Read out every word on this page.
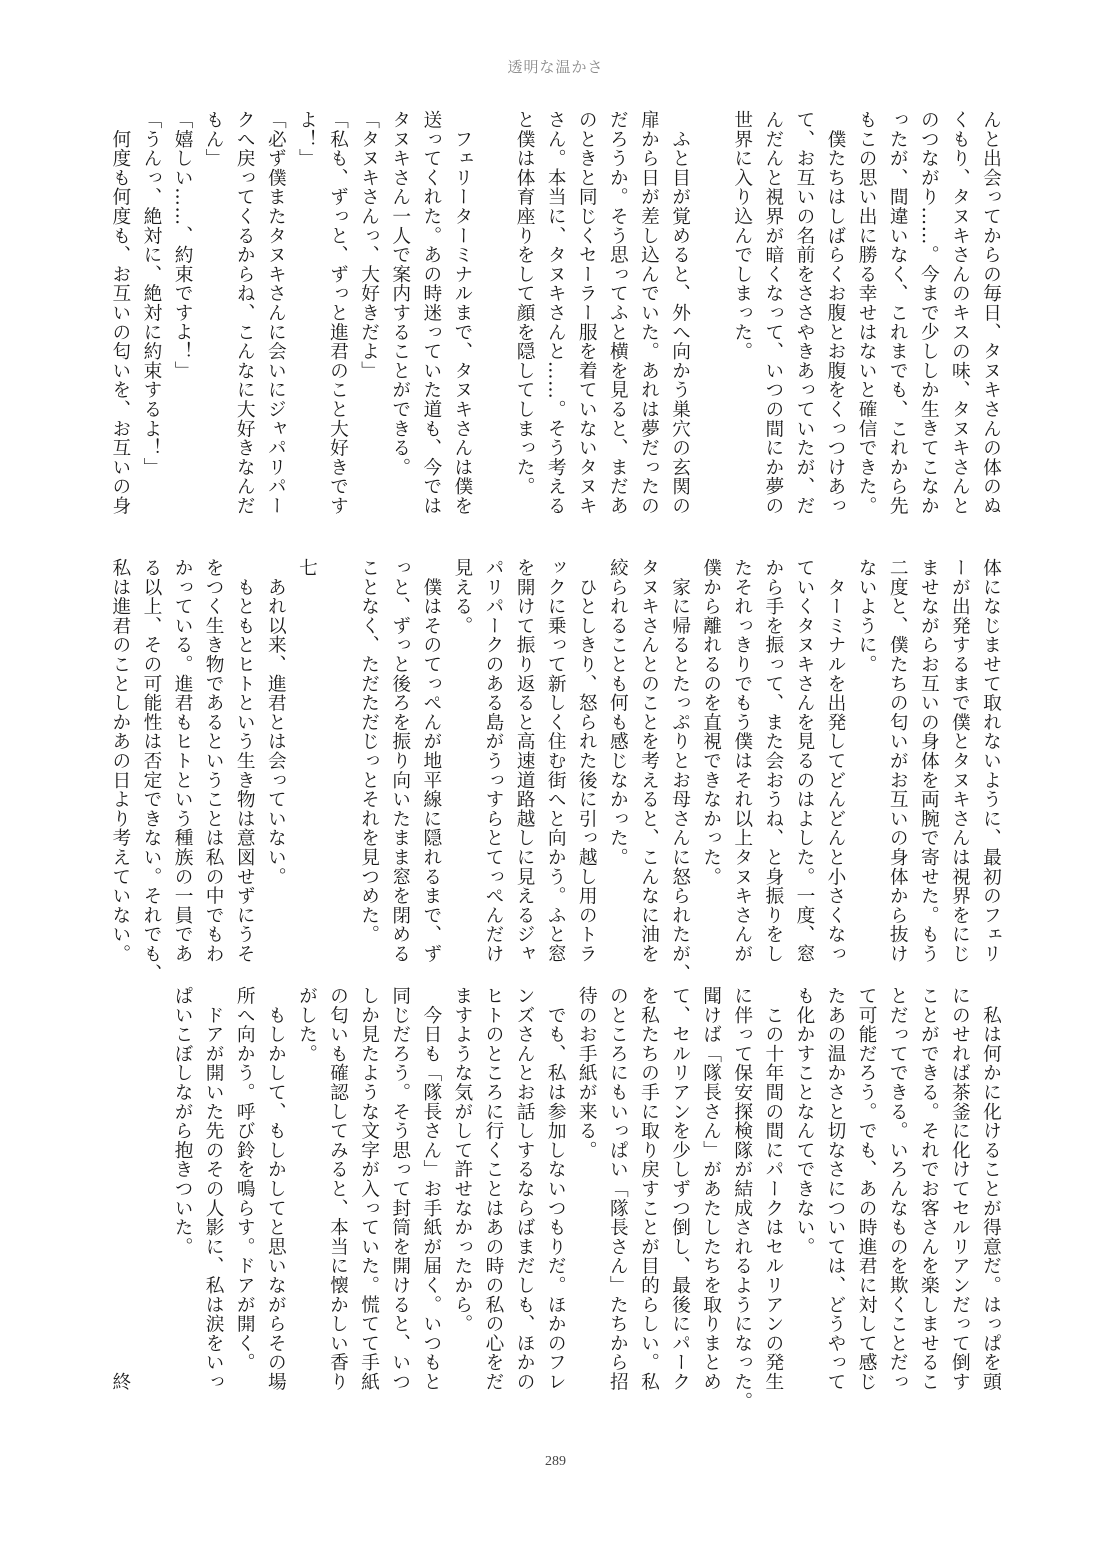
透明な温かさ

んと出会ってからの毎日、タヌキさんの体のぬ

くもり、タヌキさんのキスの味、タヌキさんと

のつながり……。今まで少ししか生きてこなか

ったが、間違いなく、これまでも、これから先

もこの思い出に勝る幸せはないと確信できた。

　僕たちはしばらくお腹とお腹をくっつけあっ

て、お互いの名前をささやきあっていたが、だ

んだんと視界が暗くなって、いつの間にか夢の

世界に入り込んでしまった。

　ふと目が覚めると、外へ向かう巣穴の玄関の

扉から日が差し込んでいた。あれは夢だったの

だろうか。そう思ってふと横を見ると、まだあ

のときと同じくセーラー服を着ていないタヌキ

さん。本当に、タヌキさんと……。そう考える

と僕は体育座りをして顔を隠してしまった。

　フェリーターミナルまで、タヌキさんは僕を

送ってくれた。あの時迷っていた道も、今では

タヌキさん一人で案内することができる。

「タヌキさんっ、大好きだよ」

「私も、ずっと、ずっと進君のこと大好きです

よ！」

「必ず僕またタヌキさんに会いにジャパリパー

クへ戻ってくるからね、こんなに大好きなんだ

もん」

「嬉しい……、約束ですよ！」

「うんっ、絶対に、絶対に約束するよ！」

　何度も何度も、お互いの匂いを、お互いの身

体になじませて取れないように、最初のフェリ

ーが出発するまで僕とタヌキさんは視界をにじ

ませながらお互いの身体を両腕で寄せた。もう

二度と、僕たちの匂いがお互いの身体から抜け

ないように。

　ターミナルを出発してどんどんと小さくなっ

ていくタヌキさんを見るのはよした。一度、窓

から手を振って、また会おうね、と身振りをし

たそれっきりでもう僕はそれ以上タヌキさんが

僕から離れるのを直視できなかった。

　家に帰るとたっぷりとお母さんに怒られたが、

タヌキさんとのことを考えると、こんなに油を

絞られることも何も感じなかった。

　ひとしきり、怒られた後に引っ越し用のトラ

ックに乗って新しく住む街へと向かう。ふと窓

を開けて振り返ると高速道路越しに見えるジャ

パリパークのある島がうっすらとてっぺんだけ

見える。

　僕はそのてっぺんが地平線に隠れるまで、ず

っと、ずっと後ろを振り向いたまま窓を閉める

ことなく、ただただじっとそれを見つめた。

七

　あれ以来、進君とは会っていない。

　もともとヒトという生き物は意図せずにうそ

をつく生き物であるということは私の中でもわ

かっている。進君もヒトという種族の一員であ

る以上、その可能性は否定できない。それでも、

私は進君のことしかあの日より考えていない。

　私は何かに化けることが得意だ。はっぱを頭

にのせれば茶釜に化けてセルリアンだって倒す

ことができる。それでお客さんを楽しませるこ

とだってできる。いろんなものを欺くことだっ

て可能だろう。でも、あの時進君に対して感じ

たあの温かさと切なさについては、どうやって

も化かすことなんてできない。

　この十年間の間にパークはセルリアンの発生

に伴って保安探検隊が結成されるようになった。

聞けば「隊長さん」があたしたちを取りまとめ

て、セルリアンを少しずつ倒し、最後にパーク

を私たちの手に取り戻すことが目的らしい。私

のところにもいっぱい「隊長さん」たちから招

待のお手紙が来る。

　でも、私は参加しないつもりだ。ほかのフレ

ンズさんとお話しするならばまだしも、ほかの

ヒトのところに行くことはあの時の私の心をだ

ますような気がして許せなかったから。

　今日も「隊長さん」お手紙が届く。いつもと

同じだろう。そう思って封筒を開けると、いつ

しか見たような文字が入っていた。慌てて手紙

の匂いも確認してみると、本当に懐かしい香り

がした。

　もしかして、もしかしてと思いながらその場

所へ向かう。呼び鈴を鳴らす。ドアが開く。

　ドアが開いた先のその人影に、私は涙をいっ

ぱいこぼしながら抱きついた。

　　　　　　　　　　　　　　　　　　　　終

289
